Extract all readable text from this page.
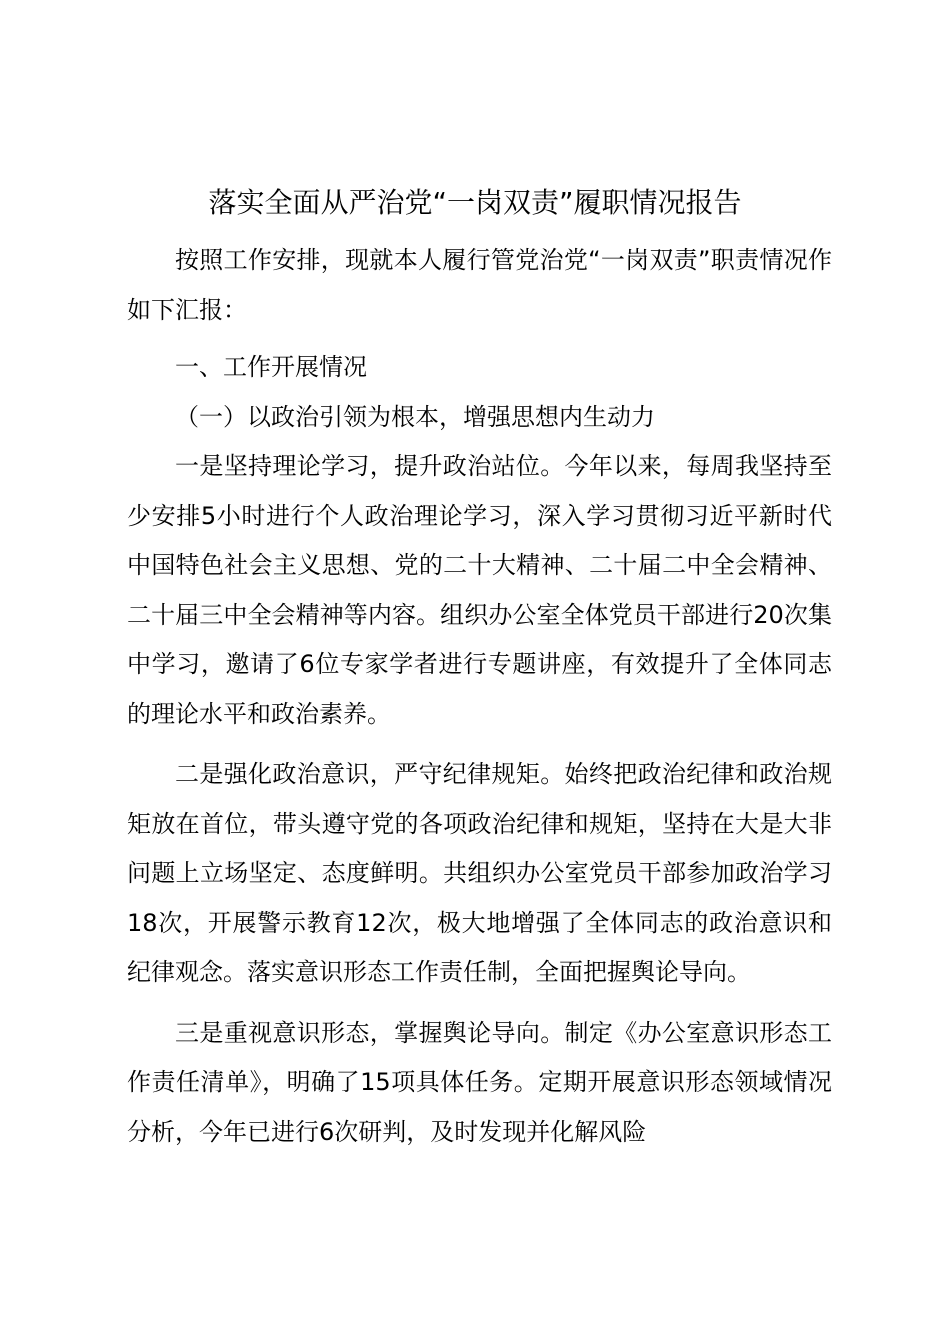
落实全面从严治党“一岗双责”履职情况报告

按照工作安排，现就本人履行管党治党“一岗双责”职责情况作如下汇报：

一、工作开展情况

（一）以政治引领为根本，增强思想内生动力

一是坚持理论学习，提升政治站位。今年以来，每周我坚持至少安排5小时进行个人政治理论学习，深入学习贯彻习近平新时代中国特色社会主义思想、党的二十大精神、二十届二中全会精神、二十届三中全会精神等内容。组织办公室全体党员干部进行20次集中学习，邀请了6位专家学者进行专题讲座，有效提升了全体同志的理论水平和政治素养。

二是强化政治意识，严守纪律规矩。始终把政治纪律和政治规矩放在首位，带头遵守党的各项政治纪律和规矩，坚持在大是大非问题上立场坚定、态度鲜明。共组织办公室党员干部参加政治学习18次，开展警示教育12次，极大地增强了全体同志的政治意识和纪律观念。落实意识形态工作责任制，全面把握舆论导向。

三是重视意识形态，掌握舆论导向。制定《办公室意识形态工作责任清单》，明确了15项具体任务。定期开展意识形态领域情况分析，今年已进行6次研判，及时发现并化解风险
